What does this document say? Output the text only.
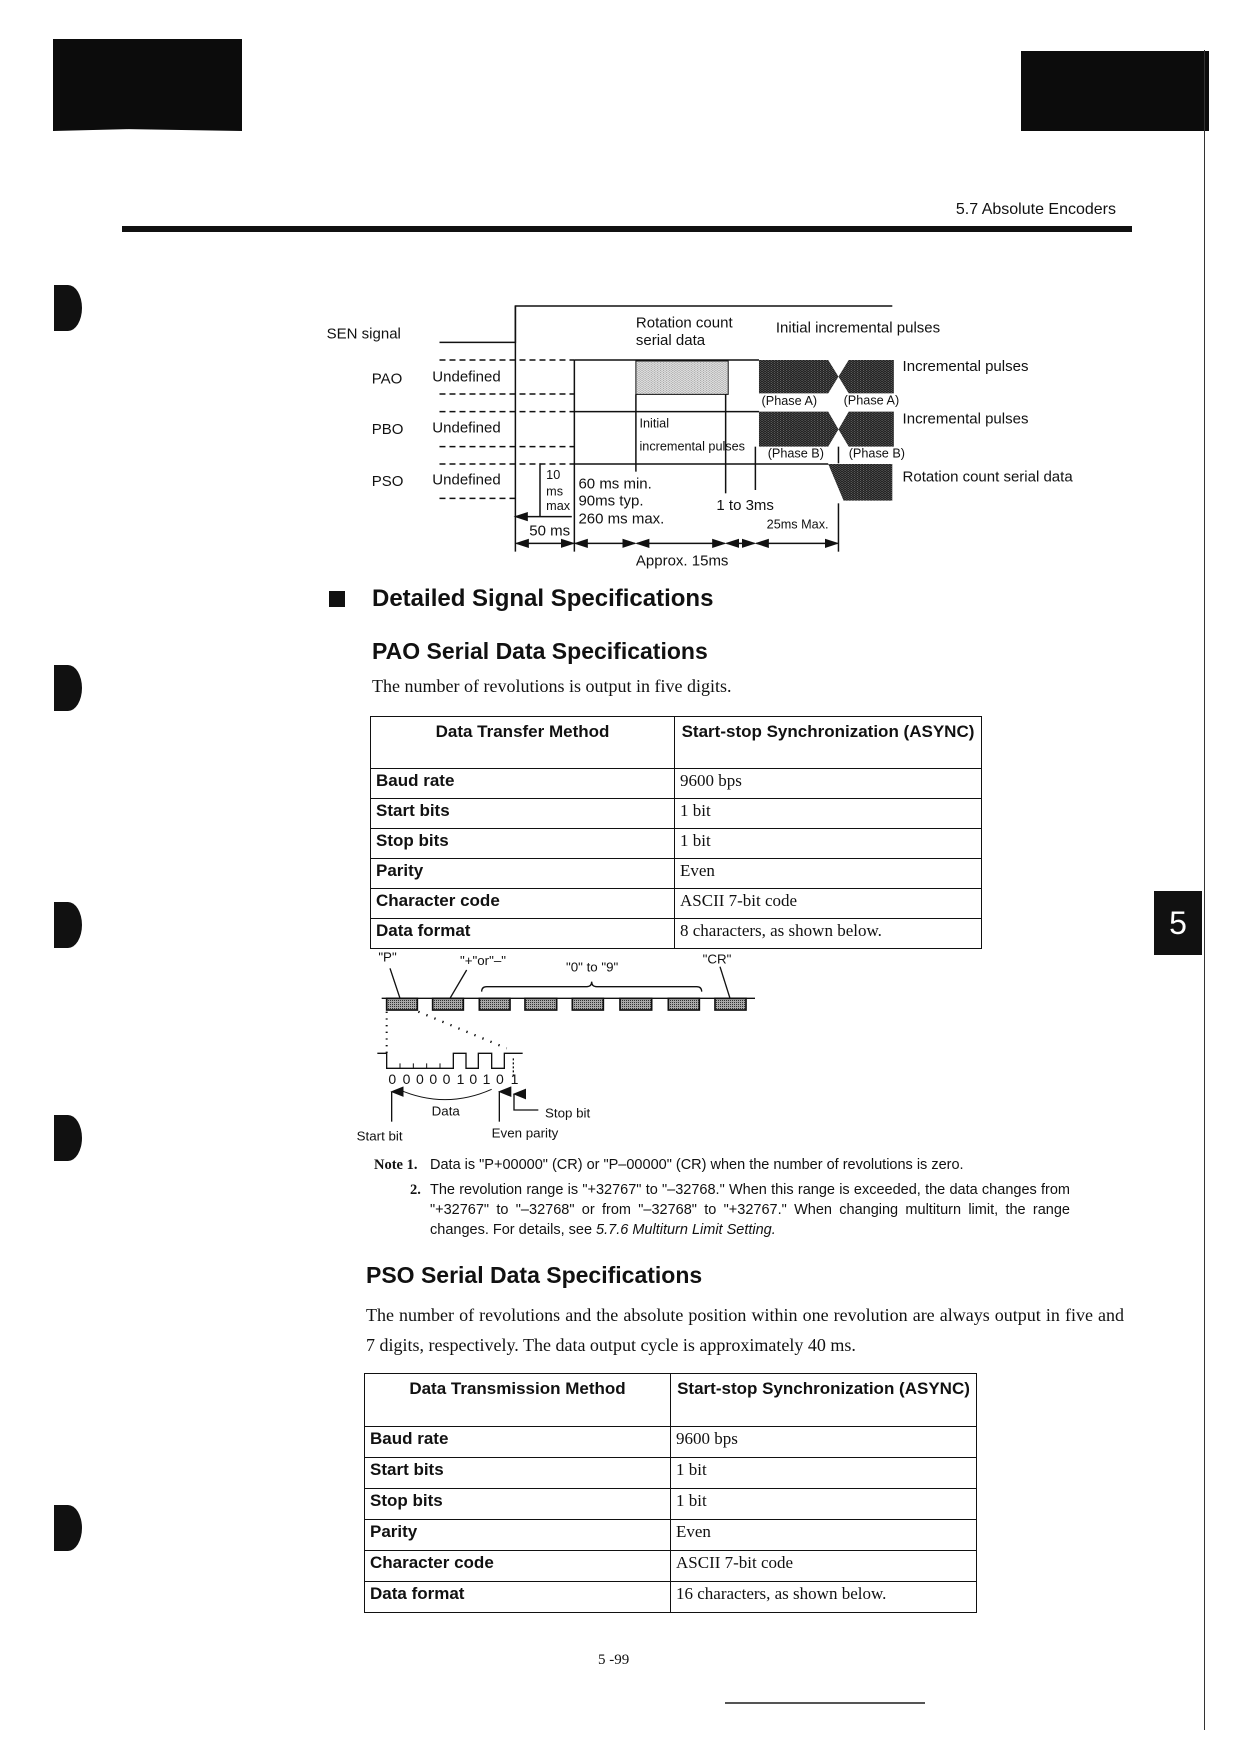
5.7 Absolute Encoders
5
SEN signal
Rotation count
serial data
Initial incremental pulses
PAO Undefined
PBO Undefined
PSO Undefined
Incremental pulses
Incremental pulses
Rotation count serial data
Initial
incremental pulses
(Phase A) (Phase A)
(Phase B) (Phase B)
10
ms
max
60 ms min.
90ms typ.
260 ms max.
1 to 3ms
25ms Max.
50 ms
Approx. 15ms
Detailed Signal Specifications
PAO Serial Data Specifications
The number of revolutions is output in five digits.
Data Transfer Method	Start-stop Synchronization (ASYNC)
Baud rate	9600 bps
Start bits	1 bit
Stop bits	1 bit
Parity	Even
Character code	ASCII 7-bit code
Data format	8 characters, as shown below.
"P" "+"or"–" "0" to "9"
"CR"
0 0 0 0 0 1 0 1 0 1
Data Stop bit
Start bit Even parity
Note 1. Data is "P+00000" (CR) or "P–00000" (CR) when the number of revolutions is zero.
2. The revolution range is "+32767" to "–32768." When this range is exceeded, the data changes from "+32767" to "–32768" or from "–32768" to "+32767." When changing multiturn limit, the range changes. For details, see 5.7.6 Multiturn Limit Setting.
PSO Serial Data Specifications
The number of revolutions and the absolute position within one revolution are always output in five and 7 digits, respectively. The data output cycle is approximately 40 ms.
Data Transmission Method	Start-stop Synchronization (ASYNC)
Baud rate	9600 bps
Start bits	1 bit
Stop bits	1 bit
Parity	Even
Character code	ASCII 7-bit code
Data format	16 characters, as shown below.
5 -99
